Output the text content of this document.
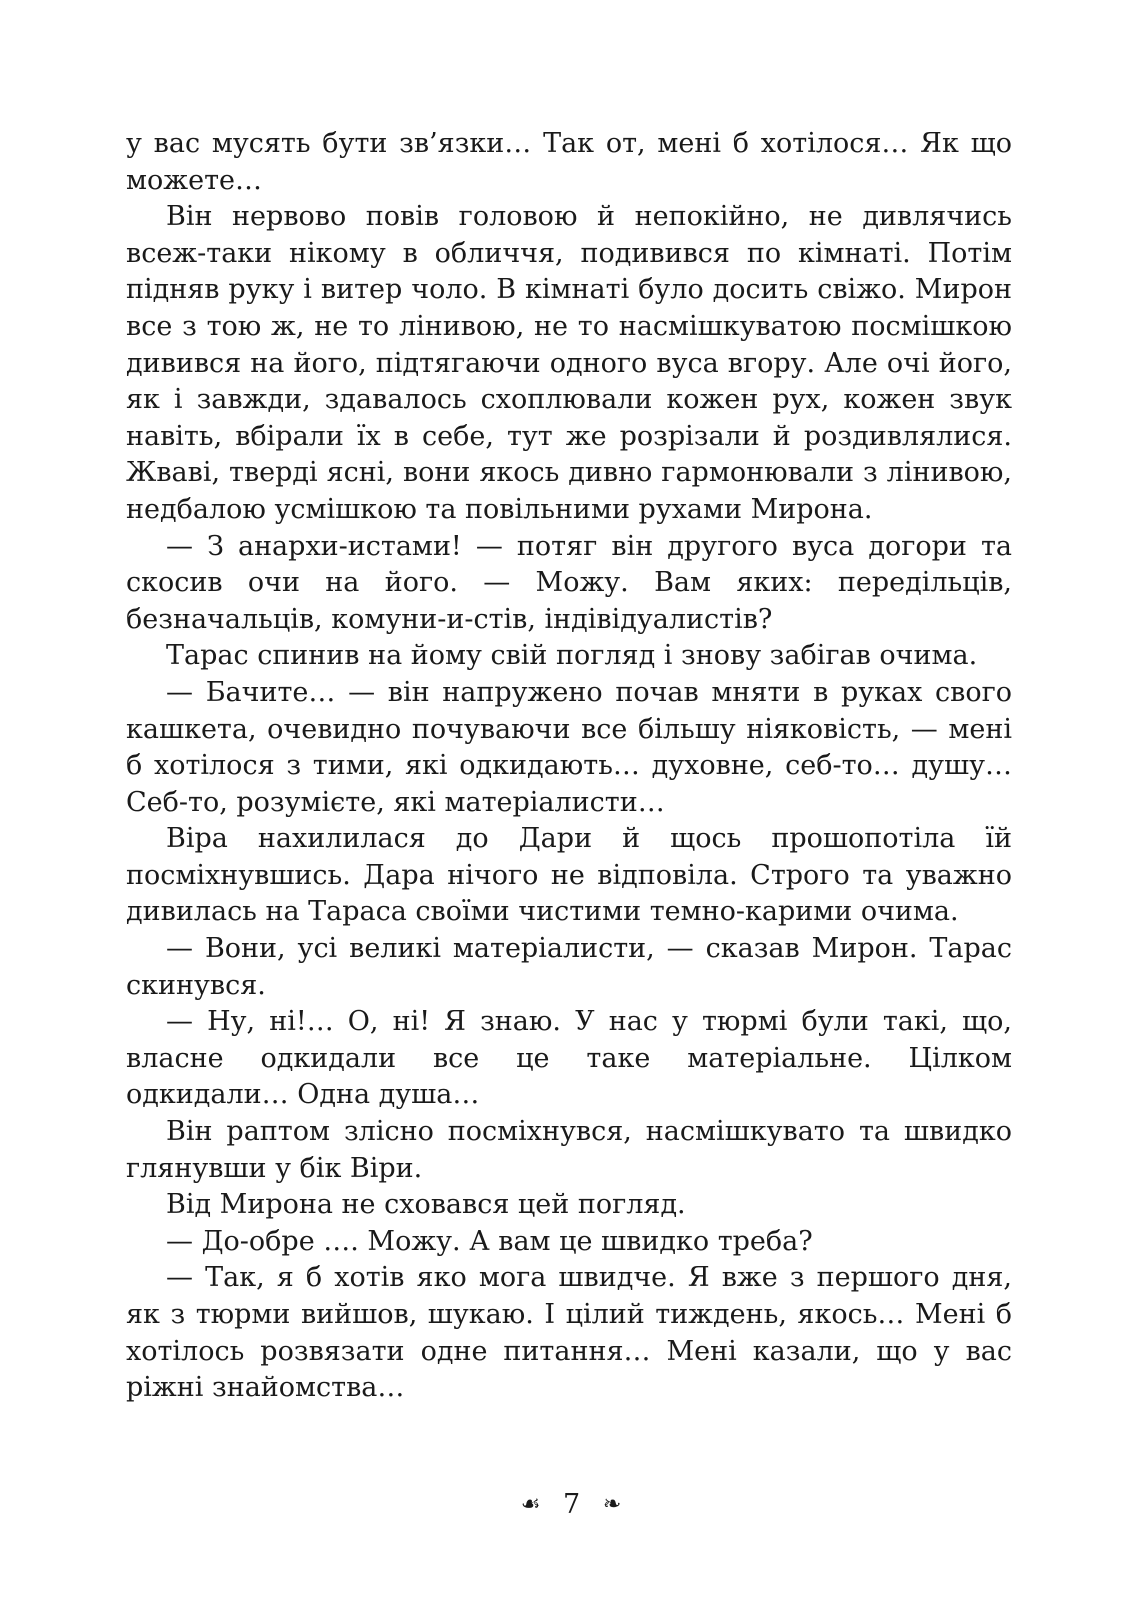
у вас мусять бути зв’язки… Так от, мені б хотілося… Як що можете…

Він нервово повів головою й непокійно, не дивлячись всеж-таки нікому в обличчя, подивився по кімнаті. Потім підняв руку і витер чоло. В кімнаті було досить свіжо. Мирон все з тою ж, не то лінивою, не то насмішкуватою посмішкою дивився на його, підтягаючи одного вуса вгору. Але очі його, як і завжди, здавалось схоплювали кожен рух, кожен звук навіть, вбірали їх в себе, тут же розрізали й роздивлялися. Жваві, тверді ясні, вони якось дивно гармонювали з лінивою, недбалою усмішкою та повільними рухами Мирона.

— З анархи-истами! — потяг він другого вуса догори та скосив очи на його. — Можу. Вам яких: передільців, безначальців, комуни-и-стів, індівідуалистів?

Тарас спинив на йому свій погляд і знову забігав очима.

— Бачите… — він напружено почав мняти в руках свого кашкета, очевидно почуваючи все більшу ніяковість, — мені б хотілося з тими, які одкидають… духовне, себ-то… душу… Себ-то, розумієте, які матеріалисти…

Віра нахилилася до Дари й щось прошопотіла їй посміхнувшись. Дара нічого не відповіла. Строго та уважно дивилась на Тараса своїми чистими темно-карими очима.

— Вони, усі великі матеріалисти, — сказав Мирон. Тарас скинувся.

— Ну, ні!… О, ні! Я знаю. У нас у тюрмі були такі, що, власне одкидали все це таке матеріальне. Цілком одкидали… Одна душа…

Він раптом злісно посміхнувся, насмішкувато та швидко глянувши у бік Віри.

Від Мирона не сховався цей погляд.

— До-обре …. Можу. А вам це швидко треба?

— Так, я б хотів яко мога швидче. Я вже з першого дня, як з тюрми вийшов, шукаю. І цілий тиждень, якось… Мені б хотілось розвязати одне питання… Мені казали, що у вас ріжні знайомства…

☙ 7 ❧
